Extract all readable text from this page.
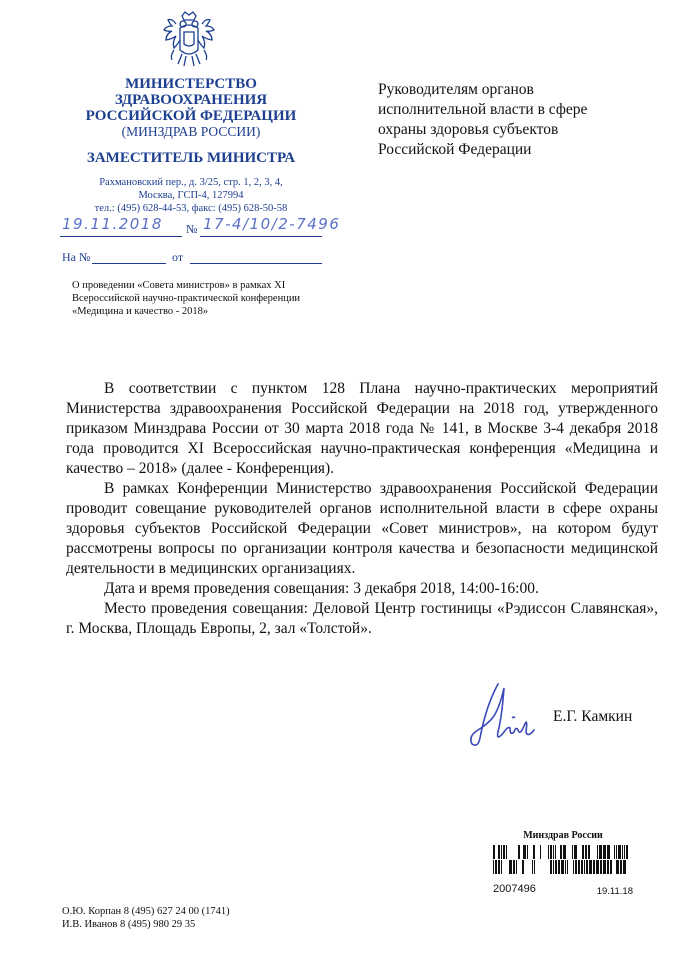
МИНИСТЕРСТВО
ЗДРАВООХРАНЕНИЯ
РОССИЙСКОЙ ФЕДЕРАЦИИ
(МИНЗДРАВ РОССИИ)
ЗАМЕСТИТЕЛЬ МИНИСТРА
Рахмановский пер., д. 3/25, стр. 1, 2, 3, 4,
Москва, ГСП-4, 127994
тел.: (495) 628-44-53, факс: (495) 628-50-58
19.11.2018 № 17-4/10/2-7496
На №	от
Руководителям органов
исполнительной власти в сфере
охраны здоровья субъектов
Российской Федерации
О проведении «Совета министров» в рамках XI
Всероссийской научно-практической конференции
«Медицина и качество - 2018»

В соответствии с пунктом 128 Плана научно-практических мероприятий Министерства здравоохранения Российской Федерации на 2018 год, утвержденного приказом Минздрава России от 30 марта 2018 года № 141, в Москве 3-4 декабря 2018 года проводится XI Всероссийская научно-практическая конференция «Медицина и качество – 2018» (далее - Конференция).

В рамках Конференции Министерство здравоохранения Российской Федерации проводит совещание руководителей органов исполнительной власти в сфере охраны здоровья субъектов Российской Федерации «Совет министров», на котором будут рассмотрены вопросы по организации контроля качества и безопасности медицинской деятельности в медицинских организациях.

Дата и время проведения совещания: 3 декабря 2018, 14:00-16:00.

Место проведения совещания: Деловой Центр гостиницы «Рэдиссон Славянская», г. Москва, Площадь Европы, 2, зал «Толстой».

Е.Г. Камкин
Минздрав России
2007496	19.11.18
О.Ю. Корпан 8 (495) 627 24 00 (1741)
И.В. Иванов 8 (495) 980 29 35
